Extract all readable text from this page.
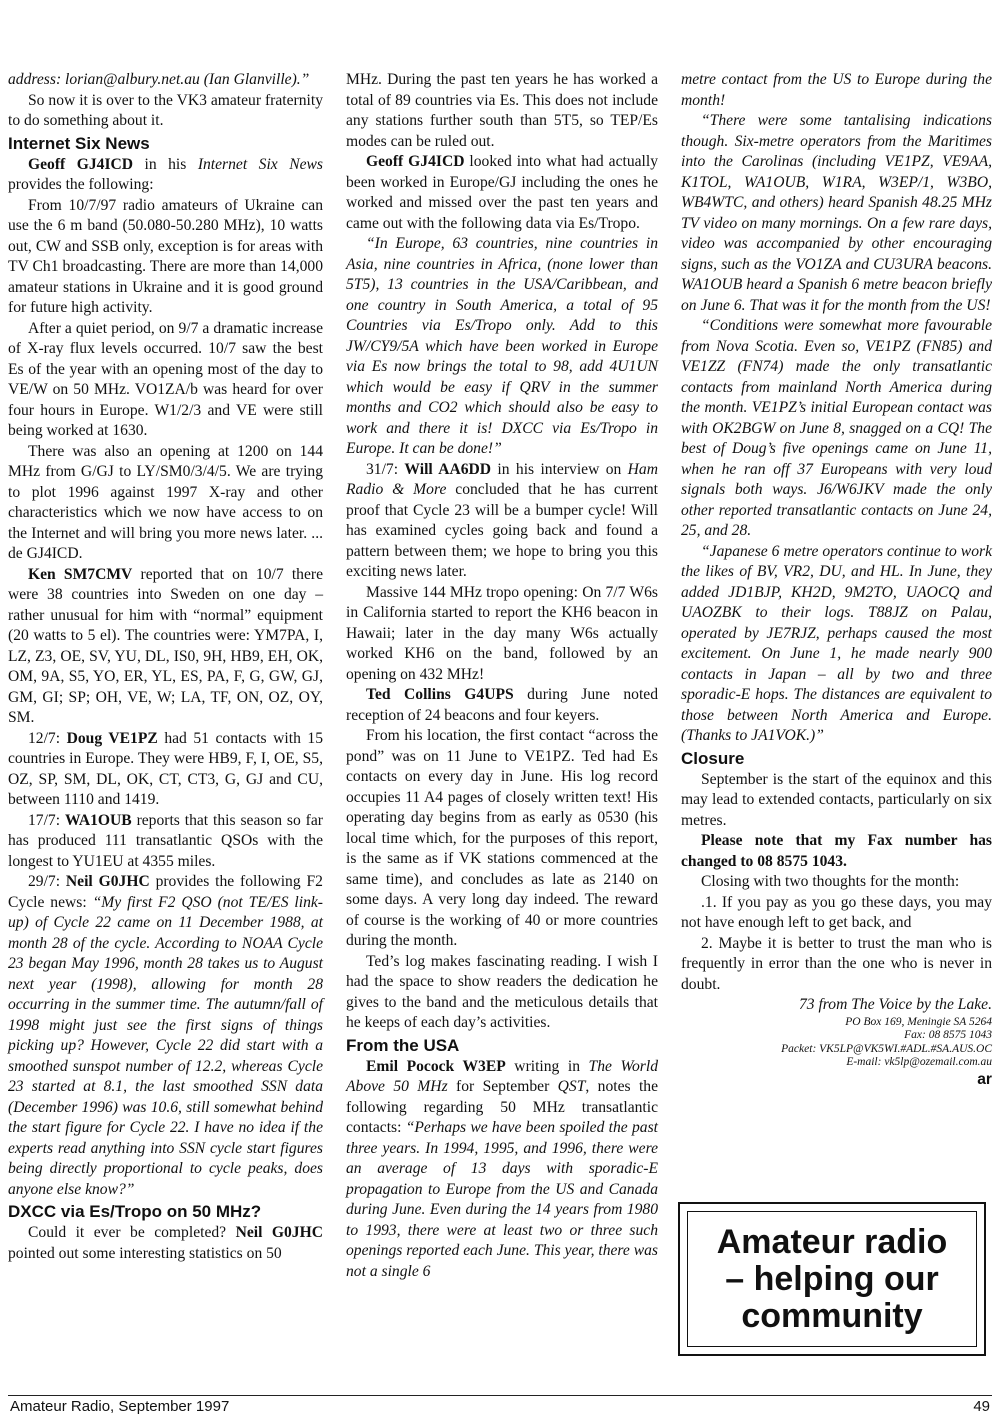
address: lorian@albury.net.au (Ian Glanville).”

So now it is over to the VK3 amateur fraternity to do something about it.

Internet Six News

Geoff GJ4ICD in his Internet Six News provides the following:

From 10/7/97 radio amateurs of Ukraine can use the 6 m band (50.080-50.280 MHz), 10 watts out, CW and SSB only, exception is for areas with TV Ch1 broadcasting. There are more than 14,000 amateur stations in Ukraine and it is good ground for future high activity.

After a quiet period, on 9/7 a dramatic increase of X-ray flux levels occurred. 10/7 saw the best Es of the year with an opening most of the day to VE/W on 50 MHz. VO1ZA/b was heard for over four hours in Europe. W1/2/3 and VE were still being worked at 1630.

There was also an opening at 1200 on 144 MHz from G/GJ to LY/SM0/3/4/5. We are trying to plot 1996 against 1997 X-ray and other characteristics which we now have access to on the Internet and will bring you more news later. ... de GJ4ICD.

Ken SM7CMV reported that on 10/7 there were 38 countries into Sweden on one day – rather unusual for him with “normal” equipment (20 watts to 5 el). The countries were: YM7PA, I, LZ, Z3, OE, SV, YU, DL, IS0, 9H, HB9, EH, OK, OM, 9A, S5, YO, ER, YL, ES, PA, F, G, GW, GJ, GM, GI; SP; OH, VE, W; LA, TF, ON, OZ, OY, SM.

12/7: Doug VE1PZ had 51 contacts with 15 countries in Europe. They were HB9, F, I, OE, S5, OZ, SP, SM, DL, OK, CT, CT3, G, GJ and CU, between 1110 and 1419.

17/7: WA1OUB reports that this season so far has produced 111 transatlantic QSOs with the longest to YU1EU at 4355 miles.

29/7: Neil G0JHC provides the following F2 Cycle news: “My first F2 QSO (not TE/ES link-up) of Cycle 22 came on 11 December 1988, at month 28 of the cycle. According to NOAA Cycle 23 began May 1996, month 28 takes us to August next year (1998), allowing for month 28 occurring in the summer time. The autumn/fall of 1998 might just see the first signs of things picking up? However, Cycle 22 did start with a smoothed sunspot number of 12.2, whereas Cycle 23 started at 8.1, the last smoothed SSN data (December 1996) was 10.6, still somewhat behind the start figure for Cycle 22. I have no idea if the experts read anything into SSN cycle start figures being directly proportional to cycle peaks, does anyone else know?”

DXCC via Es/Tropo on 50 MHz?

Could it ever be completed? Neil G0JHC pointed out some interesting statistics on 50

MHz. During the past ten years he has worked a total of 89 countries via Es. This does not include any stations further south than 5T5, so TEP/Es modes can be ruled out.

Geoff GJ4ICD looked into what had actually been worked in Europe/GJ including the ones he worked and missed over the past ten years and came out with the following data via Es/Tropo.

“In Europe, 63 countries, nine countries in Asia, nine countries in Africa, (none lower than 5T5), 13 countries in the USA/Caribbean, and one country in South America, a total of 95 Countries via Es/Tropo only. Add to this JW/CY9/5A which have been worked in Europe via Es now brings the total to 98, add 4U1UN which would be easy if QRV in the summer months and CO2 which should also be easy to work and there it is! DXCC via Es/Tropo in Europe. It can be done!”

31/7: Will AA6DD in his interview on Ham Radio & More concluded that he has current proof that Cycle 23 will be a bumper cycle! Will has examined cycles going back and found a pattern between them; we hope to bring you this exciting news later.

Massive 144 MHz tropo opening: On 7/7 W6s in California started to report the KH6 beacon in Hawaii; later in the day many W6s actually worked KH6 on the band, followed by an opening on 432 MHz!

Ted Collins G4UPS during June noted reception of 24 beacons and four keyers.

From his location, the first contact “across the pond” was on 11 June to VE1PZ. Ted had Es contacts on every day in June. His log record occupies 11 A4 pages of closely written text! His operating day begins from as early as 0530 (his local time which, for the purposes of this report, is the same as if VK stations commenced at the same time), and concludes as late as 2140 on some days. A very long day indeed. The reward of course is the working of 40 or more countries during the month.

Ted’s log makes fascinating reading. I wish I had the space to show readers the dedication he gives to the band and the meticulous details that he keeps of each day’s activities.

From the USA

Emil Pocock W3EP writing in The World Above 50 MHz for September QST, notes the following regarding 50 MHz transatlantic contacts: “Perhaps we have been spoiled the past three years. In 1994, 1995, and 1996, there were an average of 13 days with sporadic-E propagation to Europe from the US and Canada during June. Even during the 14 years from 1980 to 1993, there were at least two or three such openings reported each June. This year, there was not a single 6

metre contact from the US to Europe during the month!

“There were some tantalising indications though. Six-metre operators from the Maritimes into the Carolinas (including VE1PZ, VE9AA, K1TOL, WA1OUB, W1RA, W3EP/1, W3BO, WB4WTC, and others) heard Spanish 48.25 MHz TV video on many mornings. On a few rare days, video was accompanied by other encouraging signs, such as the VO1ZA and CU3URA beacons. WA1OUB heard a Spanish 6 metre beacon briefly on June 6. That was it for the month from the US!

“Conditions were somewhat more favourable from Nova Scotia. Even so, VE1PZ (FN85) and VE1ZZ (FN74) made the only transatlantic contacts from mainland North America during the month. VE1PZ’s initial European contact was with OK2BGW on June 8, snagged on a CQ! The best of Doug’s five openings came on June 11, when he ran off 37 Europeans with very loud signals both ways. J6/W6JKV made the only other reported transatlantic contacts on June 24, 25, and 28.

“Japanese 6 metre operators continue to work the likes of BV, VR2, DU, and HL. In June, they added JD1BJP, KH2D, 9M2TO, UAOCQ and UAOZBK to their logs. T88JZ on Palau, operated by JE7RJZ, perhaps caused the most excitement. On June 1, he made nearly 900 contacts in Japan – all by two and three sporadic-E hops. The distances are equivalent to those between North America and Europe. (Thanks to JA1VOK.)”

Closure

September is the start of the equinox and this may lead to extended contacts, particularly on six metres.

Please note that my Fax number has changed to 08 8575 1043.

Closing with two thoughts for the month:

.1. If you pay as you go these days, you may not have enough left to get back, and

2. Maybe it is better to trust the man who is frequently in error than the one who is never in doubt.

73 from The Voice by the Lake.

PO Box 169, Meningie SA 5264

Fax: 08 8575 1043

Packet: VK5LP@VK5WI.#ADL.#SA.AUS.OC

E-mail: vk5lp@ozemail.com.au

ar

Amateur radio
– helping our
community
Amateur Radio, September 1997	49
